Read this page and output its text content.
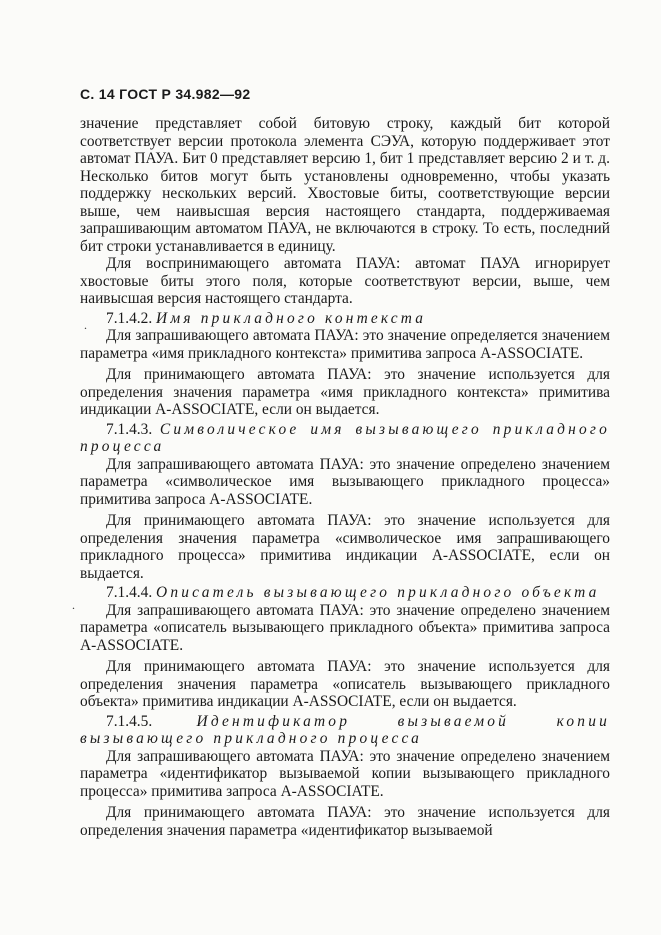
С. 14 ГОСТ Р 34.982—92

значение представляет собой битовую строку, каждый бит которой соответствует версии протокола элемента СЭУА, которую поддерживает этот автомат ПАУА. Бит 0 представляет версию 1, бит 1 представляет версию 2 и т. д. Несколько битов могут быть установлены одновременно, чтобы указать поддержку нескольких версий. Хвостовые биты, соответствующие версии выше, чем наивысшая версия настоящего стандарта, поддерживаемая запрашивающим автоматом ПАУА, не включаются в строку. То есть, последний бит строки устанавливается в единицу.

Для воспринимающего автомата ПАУА: автомат ПАУА игнорирует хвостовые биты этого поля, которые соответствуют версии, выше, чем наивысшая версия настоящего стандарта.

7.1.4.2. Имя прикладного контекста

Для запрашивающего автомата ПАУА: это значение определяется значением параметра «имя прикладного контекста» примитива запроса A-ASSOCIATE.

Для принимающего автомата ПАУА: это значение используется для определения значения параметра «имя прикладного контекста» примитива индикации A-ASSOCIATE, если он выдается.

7.1.4.3. Символическое имя вызывающего прикладного процесса

Для запрашивающего автомата ПАУА: это значение определено значением параметра «символическое имя вызывающего прикладного процесса» примитива запроса A-ASSOCIATE.

Для принимающего автомата ПАУА: это значение используется для определения значения параметра «символическое имя запрашивающего прикладного процесса» примитива индикации A-ASSOCIATE, если он выдается.

7.1.4.4. Описатель вызывающего прикладного объекта

Для запрашивающего автомата ПАУА: это значение определено значением параметра «описатель вызывающего прикладного объекта» примитива запроса A-ASSOCIATE.

Для принимающего автомата ПАУА: это значение используется для определения значения параметра «описатель вызывающего прикладного объекта» примитива индикации A-ASSOCIATE, если он выдается.

7.1.4.5.	Идентификатор вызываемой копии вызывающего прикладного процесса

Для запрашивающего автомата ПАУА: это значение определено значением параметра «идентификатор вызываемой копии вызывающего прикладного процесса» примитива запроса A-ASSOCIATE.

Для принимающего автомата ПАУА: это значение используется для определения значения параметра «идентификатор вызываемой

.
.
